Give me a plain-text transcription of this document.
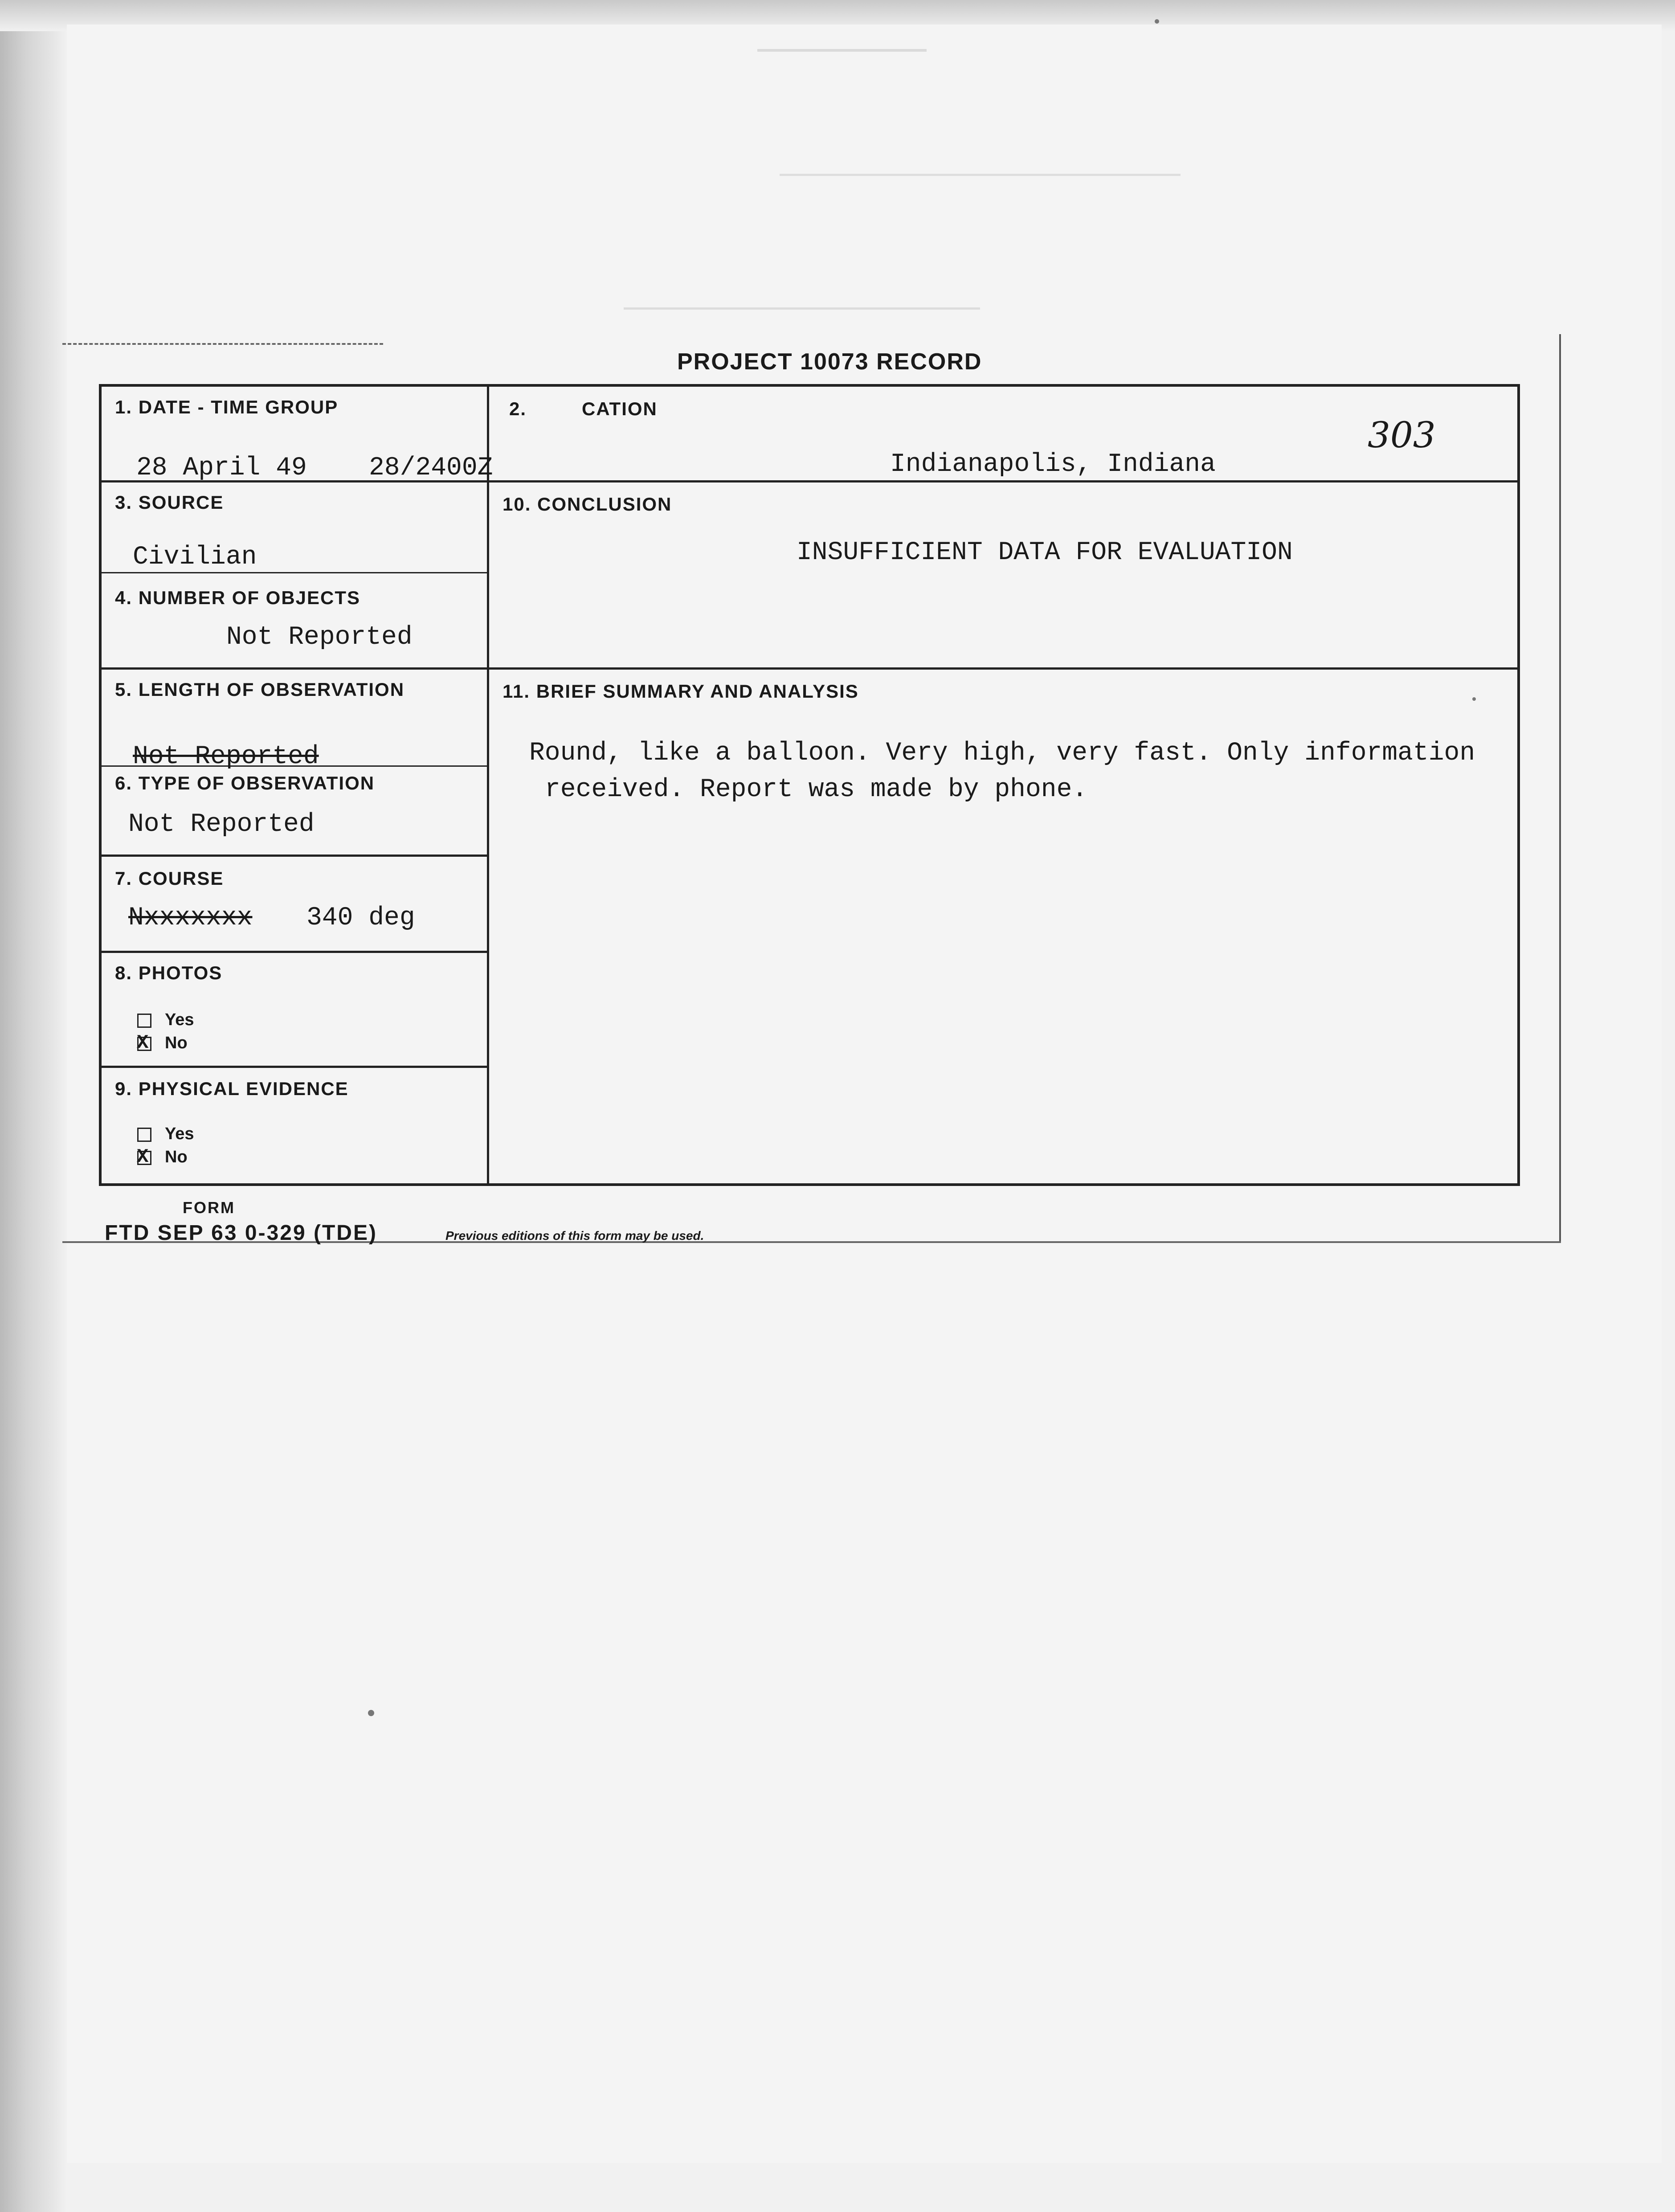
PROJECT 10073 RECORD
1. DATE - TIME GROUP
28 April 49 28/2400Z
2.	CATION
Indianapolis, Indiana
3. SOURCE
Civilian
4. NUMBER OF OBJECTS
Not Reported
5. LENGTH OF OBSERVATION
Not Reported
6. TYPE OF OBSERVATION
Not Reported
7. COURSE
Nxxxxxxx 340 deg
8. PHOTOS
Yes
XNo
9. PHYSICAL EVIDENCE
Yes
XNo
10. CONCLUSION
INSUFFICIENT DATA FOR EVALUATION
11. BRIEF SUMMARY AND ANALYSIS
Round, like a balloon. Very high, very fast. Only information
received. Report was made by phone.
303
FORM
FTD SEP 63 0-329 (TDE)	Previous editions of this form may be used.
